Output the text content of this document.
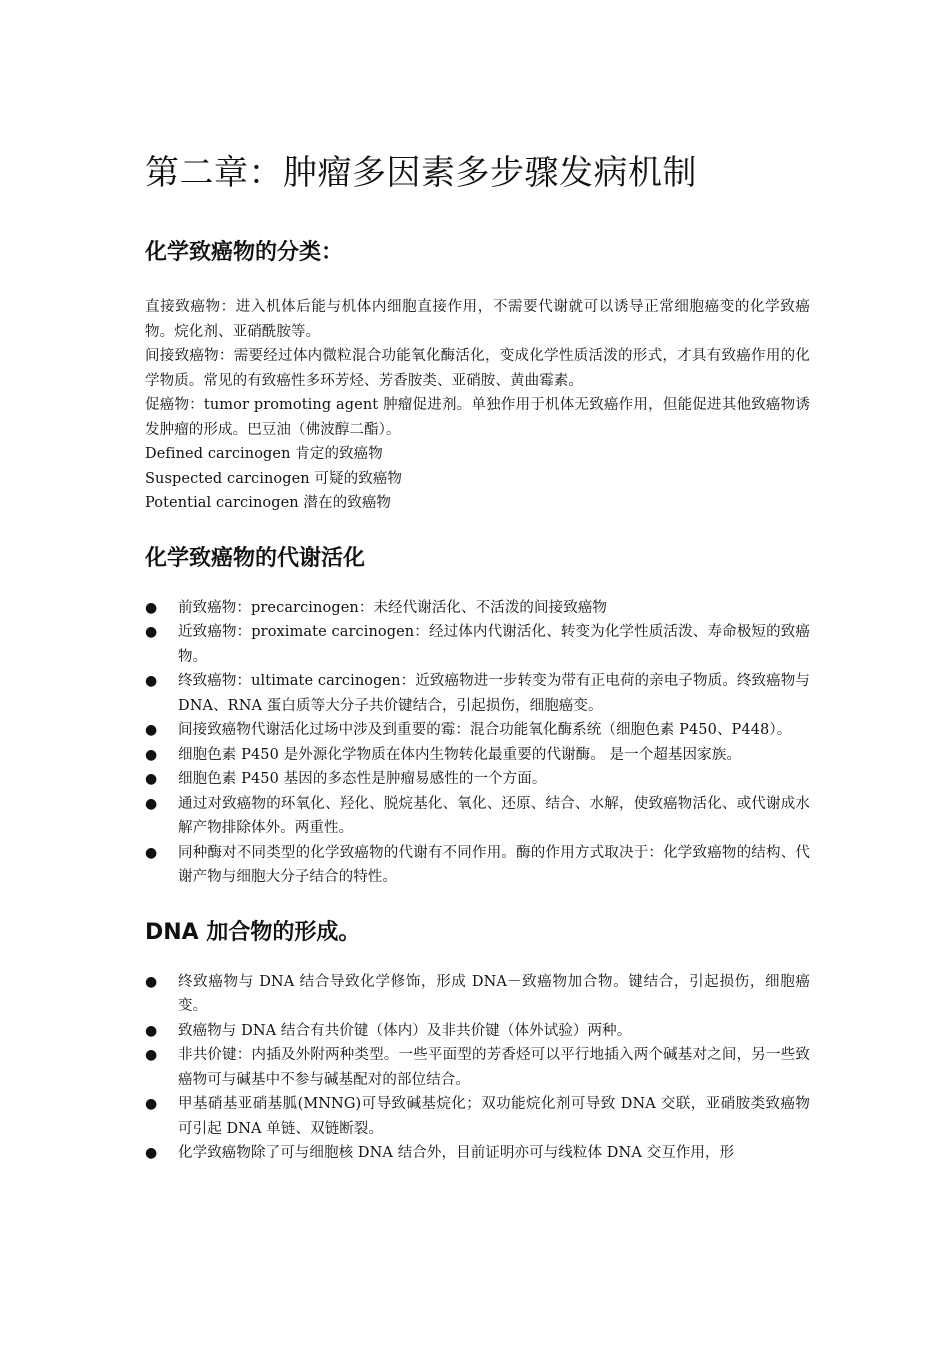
第二章：肿瘤多因素多步骤发病机制
化学致癌物的分类：

直接致癌物：进入机体后能与机体内细胞直接作用，不需要代谢就可以诱导正常细胞癌变的化学致癌物。烷化剂、亚硝酰胺等。

间接致癌物：需要经过体内微粒混合功能氧化酶活化，变成化学性质活泼的形式，才具有致癌作用的化学物质。常见的有致癌性多环芳烃、芳香胺类、亚硝胺、黄曲霉素。

促癌物：tumor promoting agent 肿瘤促进剂。单独作用于机体无致癌作用，但能促进其他致癌物诱发肿瘤的形成。巴豆油（佛波醇二酯）。

Defined carcinogen 肯定的致癌物

Suspected carcinogen 可疑的致癌物

Potential carcinogen 潜在的致癌物

化学致癌物的代谢活化
● 前致癌物：precarcinogen：未经代谢活化、不活泼的间接致癌物
● 近致癌物：proximate carcinogen：经过体内代谢活化、转变为化学性质活泼、寿命极短的致癌物。
● 终致癌物：ultimate carcinogen：近致癌物进一步转变为带有正电荷的亲电子物质。终致癌物与 DNA、RNA 蛋白质等大分子共价键结合，引起损伤，细胞癌变。
● 间接致癌物代谢活化过场中涉及到重要的霉：混合功能氧化酶系统（细胞色素 P450、P448）。
● 细胞色素 P450 是外源化学物质在体内生物转化最重要的代谢酶。 是一个超基因家族。
● 细胞色素 P450 基因的多态性是肿瘤易感性的一个方面。
● 通过对致癌物的环氧化、羟化、脱烷基化、氧化、还原、结合、水解，使致癌物活化、或代谢成水解产物排除体外。两重性。
● 同种酶对不同类型的化学致癌物的代谢有不同作用。酶的作用方式取决于：化学致癌物的结构、代谢产物与细胞大分子结合的特性。
DNA 加合物的形成。
● 终致癌物与 DNA 结合导致化学修饰，形成 DNA－致癌物加合物。键结合，引起损伤，细胞癌变。
● 致癌物与 DNA 结合有共价键（体内）及非共价键（体外试验）两种。
● 非共价键：内插及外附两种类型。一些平面型的芳香烃可以平行地插入两个碱基对之间，另一些致癌物可与碱基中不参与碱基配对的部位结合。
● 甲基硝基亚硝基胍(MNNG)可导致碱基烷化；双功能烷化剂可导致 DNA 交联，亚硝胺类致癌物可引起 DNA 单链、双链断裂。
● 化学致癌物除了可与细胞核 DNA 结合外，目前证明亦可与线粒体 DNA 交互作用，形
